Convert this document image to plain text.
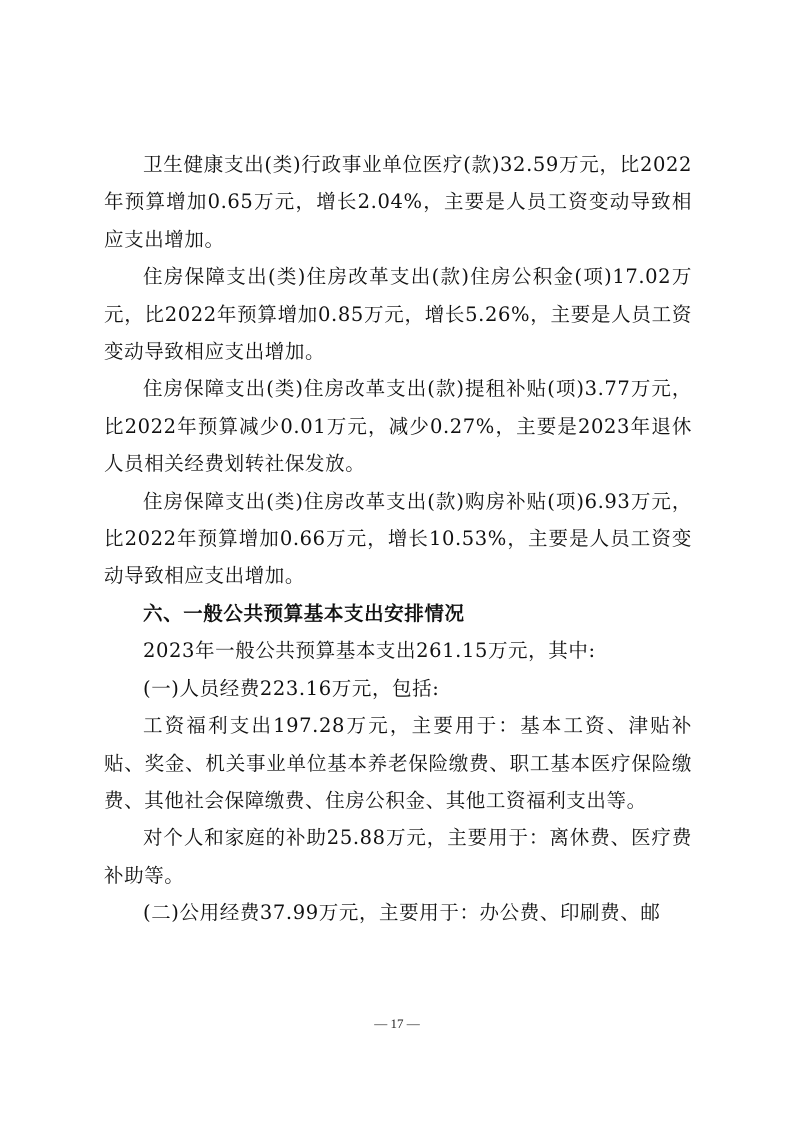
卫生健康支出(类)行政事业单位医疗(款)32.59万元，比2022年预算增加0.65万元，增长2.04%，主要是人员工资变动导致相应支出增加。

住房保障支出(类)住房改革支出(款)住房公积金(项)17.02万元，比2022年预算增加0.85万元，增长5.26%，主要是人员工资变动导致相应支出增加。

住房保障支出(类)住房改革支出(款)提租补贴(项)3.77万元，比2022年预算减少0.01万元，减少0.27%，主要是2023年退休人员相关经费划转社保发放。

住房保障支出(类)住房改革支出(款)购房补贴(项)6.93万元，比2022年预算增加0.66万元，增长10.53%，主要是人员工资变动导致相应支出增加。

六、一般公共预算基本支出安排情况

2023年一般公共预算基本支出261.15万元，其中:

(一)人员经费223.16万元，包括:

工资福利支出197.28万元，主要用于：基本工资、津贴补贴、奖金、机关事业单位基本养老保险缴费、职工基本医疗保险缴费、其他社会保障缴费、住房公积金、其他工资福利支出等。

对个人和家庭的补助25.88万元，主要用于：离休费、医疗费补助等。

(二)公用经费37.99万元，主要用于：办公费、印刷费、邮

— 17 —
